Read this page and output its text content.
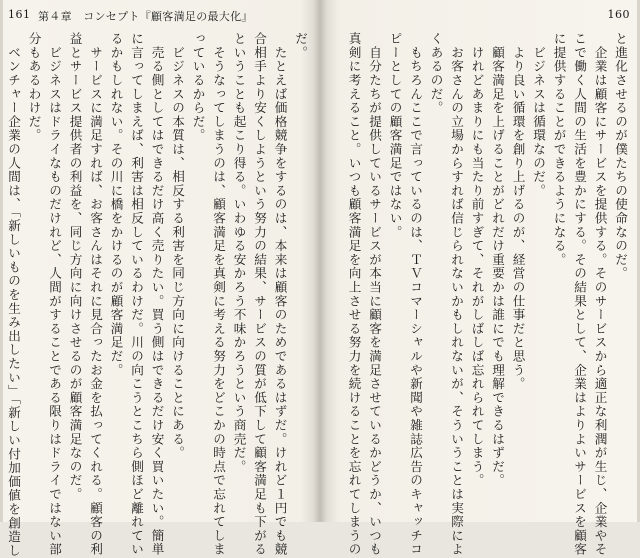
161 第４章　コンセプト『顧客満足の最大化』
だ。
　たとえば価格競争をするのは、本来は顧客のためであるはずだ。けれど１円でも競
合相手より安くしようという努力の結果、サービスの質が低下して顧客満足も下がる
ということも起こり得る。いわゆる安かろう不味かろうという商売だ。
　そうなってしまうのは、顧客満足を真剣に考える努力をどこかの時点で忘れてしま
っているからだ。
　ビジネスの本質は、相反する利害を同じ方向に向けることにある。
　売る側としてはできるだけ高く売りたい。買う側はできるだけ安く買いたい。簡単
に言ってしまえば、利害は相反しているわけだ。川の向こうとこちら側ほど離れてい
るかもしれない。その川に橋をかけるのが顧客満足だ。
　サービスに満足すれば、お客さんはそれに見合ったお金を払ってくれる。顧客の利
益とサービス提供者の利益を、同じ方向に向けさせるのが顧客満足なのだ。
　ビジネスはドライなものだけれど、人間がすることである限りはドライではない部
分もあるわけだ。
　ベンチャー企業の人間は、「新しいものを生み出したい」「新しい付加価値を創造し
160
と進化させるのが僕たちの使命なのだ。
　企業は顧客にサービスを提供する。そのサービスから適正な利潤が生じ、企業やそ
こで働く人間の生活を豊かにする。その結果として、企業はよりよいサービスを顧客
に提供することができるようになる。
　ビジネスは循環なのだ。
　より良い循環を創り上げるのが、経営の仕事だと思う。
　顧客満足を上げることがどれだけ重要かは誰にでも理解できるはずだ。
　けれどあまりにも当たり前すぎて、それがしばしば忘れられてしまう。
　お客さんの立場からすれば信じられないかもしれないが、そういうことは実際によ
くあるのだ。
　もちろんここで言っているのは、ＴＶコマーシャルや新聞や雑誌広告のキャッチコ
ピーとしての顧客満足ではない。
　自分たちが提供しているサービスが本当に顧客を満足させているかどうか、いつも
真剣に考えること。いつも顧客満足を向上させる努力を続けることを忘れてしまうの
